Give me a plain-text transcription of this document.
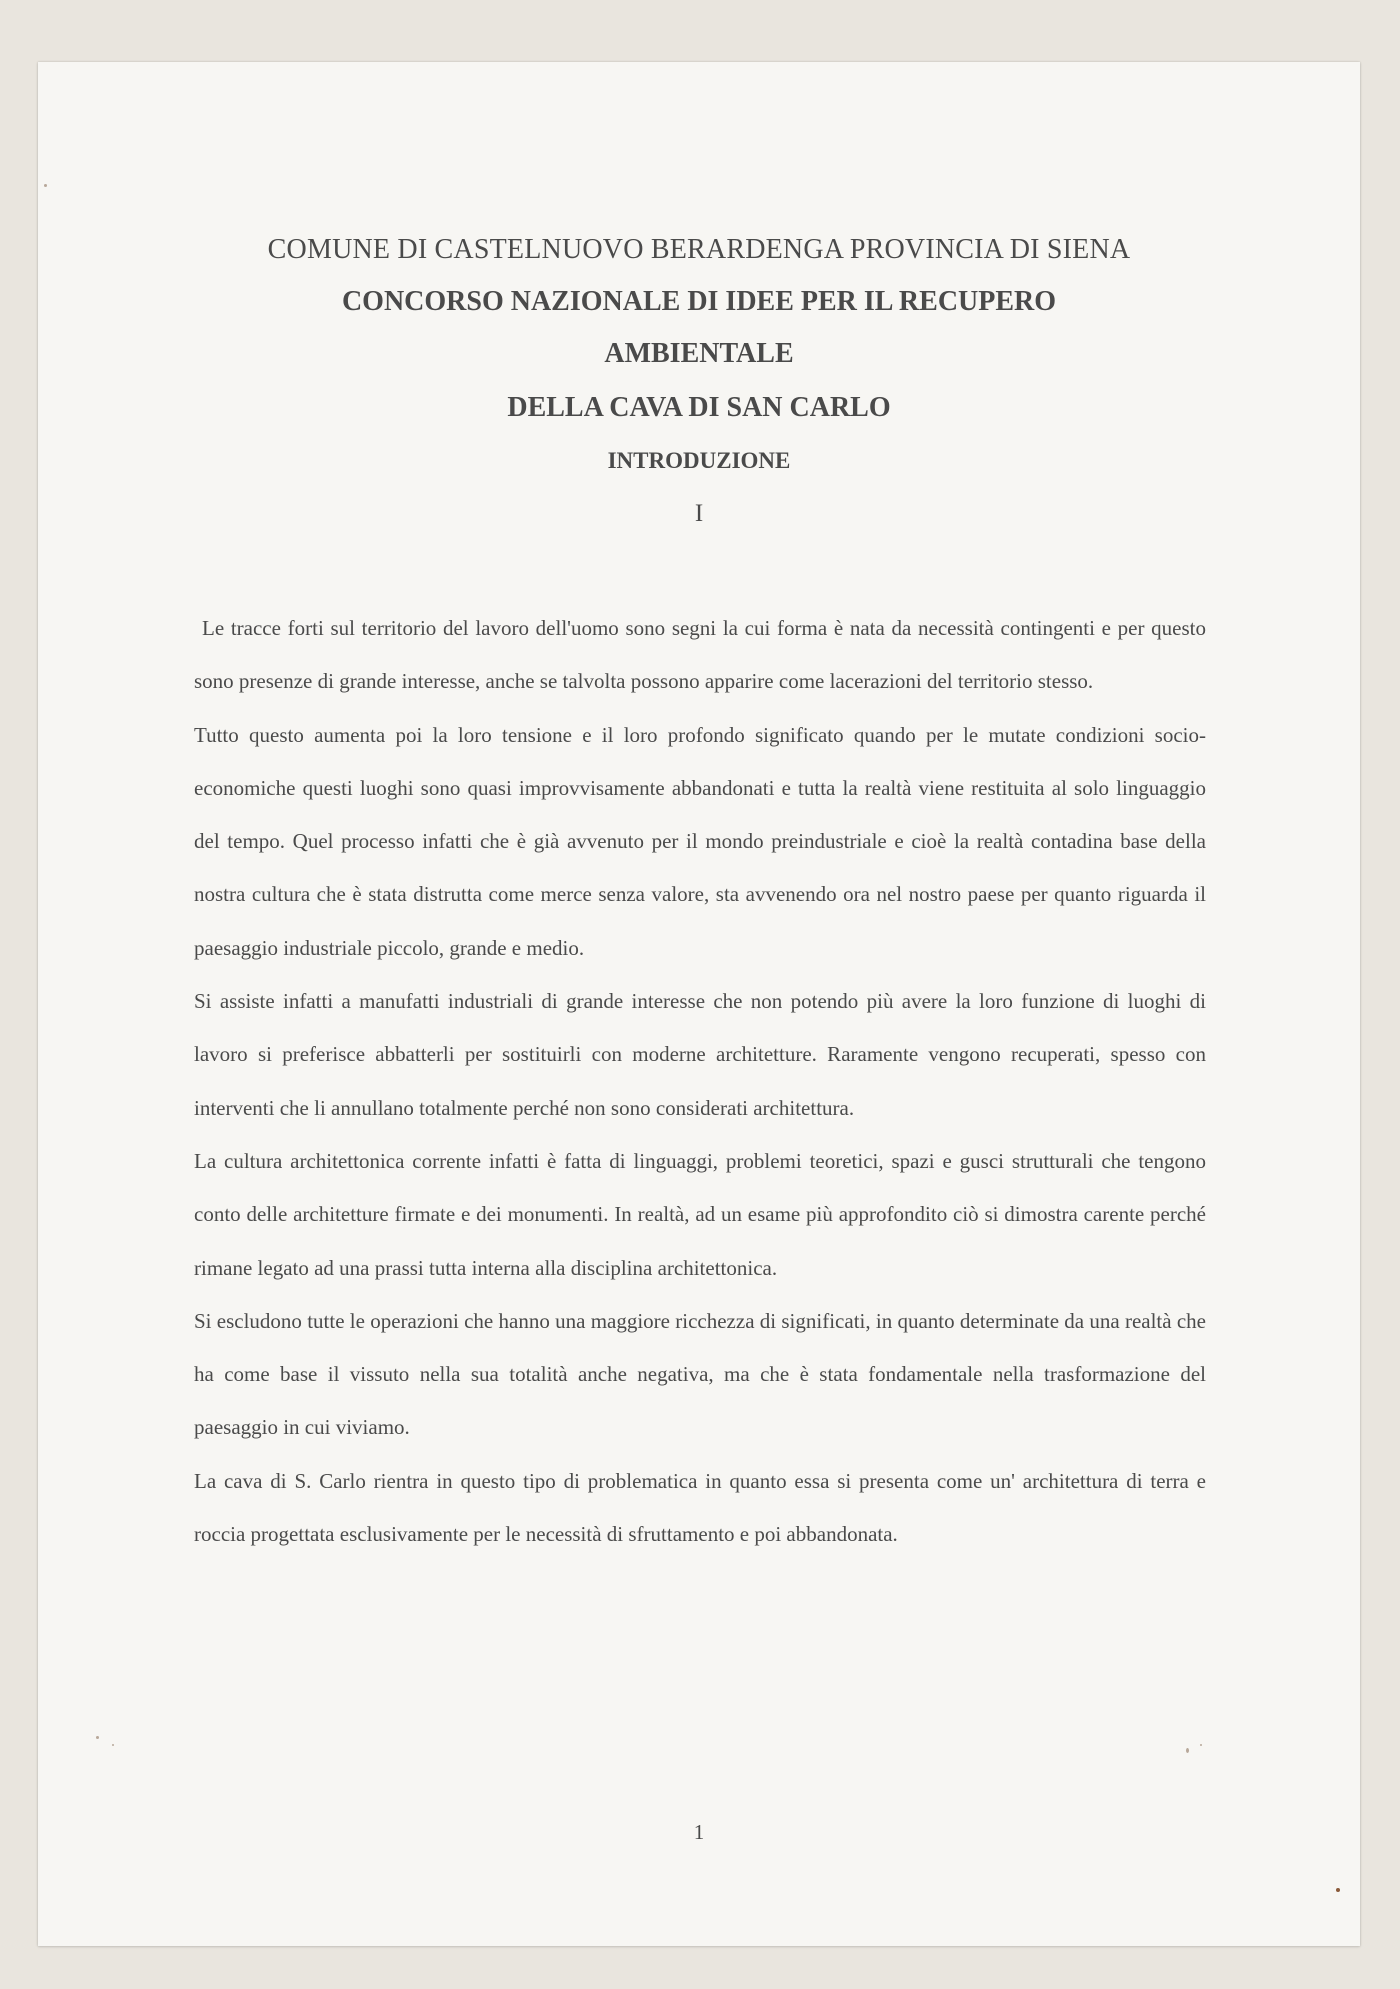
COMUNE DI CASTELNUOVO BERARDENGA PROVINCIA DI SIENA
CONCORSO NAZIONALE DI IDEE PER IL RECUPERO
AMBIENTALE
DELLA CAVA DI SAN CARLO
INTRODUZIONE
I

Le tracce forti sul territorio del lavoro dell'uomo sono segni la cui forma è nata da necessità contingenti e per questo sono presenze di grande interesse, anche se talvolta possono apparire come lacerazioni del territorio stesso.

Tutto questo aumenta poi la loro tensione e il loro profondo significato quando per le mutate condizioni socio-economiche questi luoghi sono quasi improvvisamente abbandonati e tutta la realtà viene restituita al solo linguaggio del tempo. Quel processo infatti che è già avvenuto per il mondo preindustriale e cioè la realtà contadina base della nostra cultura che è stata distrutta come merce senza valore, sta avvenendo ora nel nostro paese per quanto riguarda il paesaggio industriale piccolo, grande e medio.

Si assiste infatti a manufatti industriali di grande interesse che non potendo più avere la loro funzione di luoghi di lavoro si preferisce abbatterli per sostituirli con moderne architetture. Raramente vengono recuperati, spesso con interventi che li annullano totalmente perché non sono considerati architettura.

La cultura architettonica corrente infatti è fatta di linguaggi, problemi teoretici, spazi e gusci strutturali che tengono conto delle architetture firmate e dei monumenti. In realtà, ad un esame più approfondito ciò si dimostra carente perché rimane legato ad una prassi tutta interna alla disciplina architettonica.

Si escludono tutte le operazioni che hanno una maggiore ricchezza di significati, in quanto determinate da una realtà che ha come base il vissuto nella sua totalità anche negativa, ma che è stata fondamentale nella trasformazione del paesaggio in cui viviamo.

La cava di S. Carlo rientra in questo tipo di problematica in quanto essa si presenta come un' architettura di terra e roccia progettata esclusivamente per le necessità di sfruttamento e poi abbandonata.

1
